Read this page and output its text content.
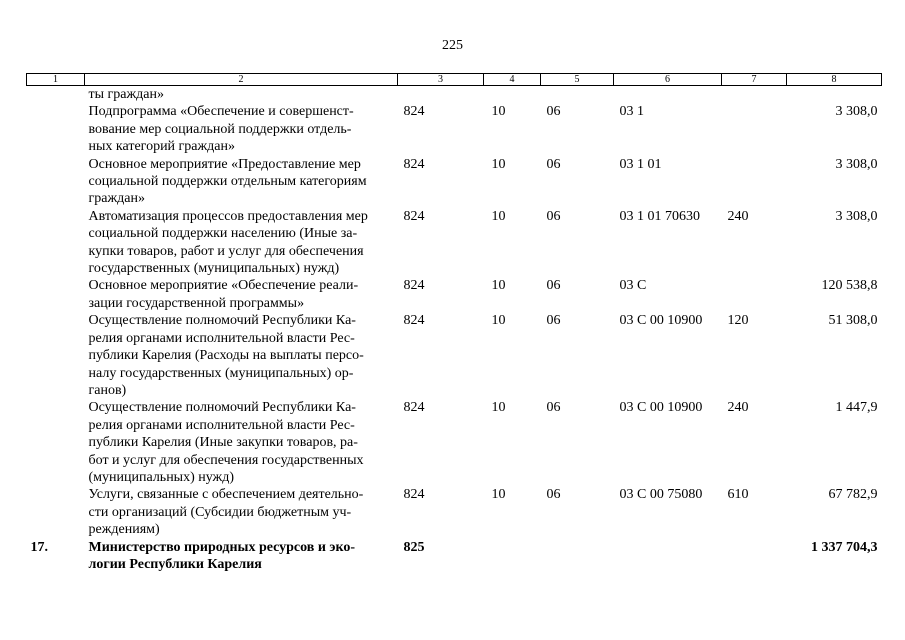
225
1	2	3	4	5	6	7	8

	ты граждан»						

	Подпрограмма «Обеспечение и совершенст-
вование мер социальной поддержки отдель-
ных категорий граждан»	824	10	06	03 1		3 308,0

	Основное мероприятие «Предоставление мер
социальной поддержки отдельным категориям
граждан»	824	10	06	03 1 01		3 308,0

	Автоматизация процессов предоставления мер
социальной поддержки населению (Иные за-
купки товаров, работ и услуг для обеспечения
государственных (муниципальных) нужд)	824	10	06	03 1 01 70630	240	3 308,0

	Основное мероприятие «Обеспечение реали-
зации государственной программы»	824	10	06	03 С		120 538,8

	Осуществление полномочий Республики Ка-
релия органами исполнительной власти Рес-
публики Карелия (Расходы на выплаты персо-
налу государственных (муниципальных) ор-
ганов)	824	10	06	03 С 00 10900	120	51 308,0

	Осуществление полномочий Республики Ка-
релия органами исполнительной власти Рес-
публики Карелия (Иные закупки товаров, ра-
бот и услуг для обеспечения государственных
(муниципальных) нужд)	824	10	06	03 С 00 10900	240	1 447,9

	Услуги, связанные с обеспечением деятельно-
сти организаций (Субсидии бюджетным уч-
реждениям)	824	10	06	03 С 00 75080	610	67 782,9
17.	Министерство природных ресурсов и эко-
логии Республики Карелия	825					1 337 704,3
